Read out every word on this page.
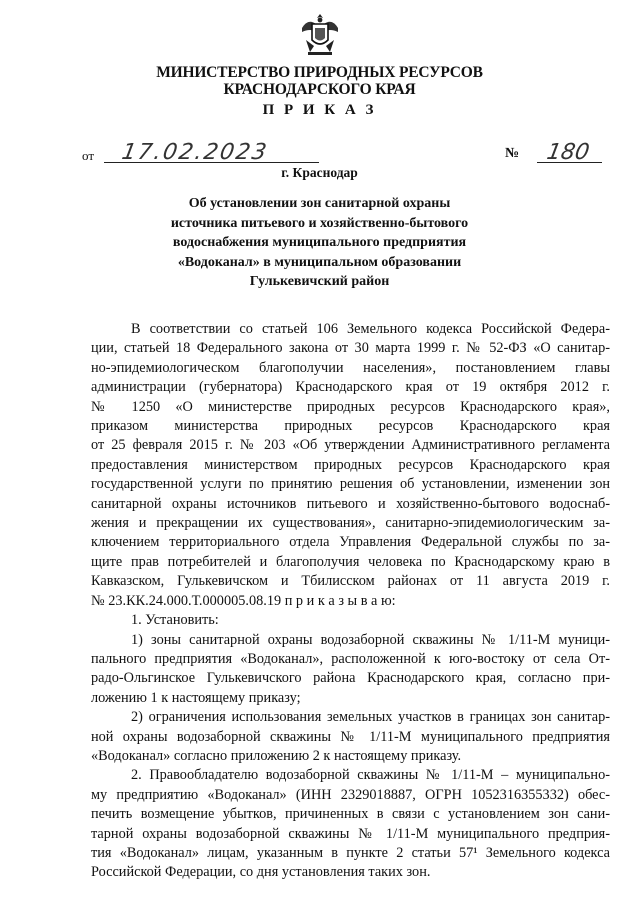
МИНИСТЕРСТВО ПРИРОДНЫХ РЕСУРСОВ
КРАСНОДАРСКОГО КРАЯ
П Р И К А З
от 17.02.2023	№ 180
г. Краснодар
Об установлении зон санитарной охраны
источника питьевого и хозяйственно-бытового
водоснабжения муниципального предприятия
«Водоканал» в муниципальном образовании
Гулькевичский район
В соответствии со статьей 106 Земельного кодекса Российской Федера-
ции, статьей 18 Федерального закона от 30 марта 1999 г. № 52-ФЗ «О санитар-
но-эпидемиологическом благополучии населения», постановлением главы
администрации (губернатора) Краснодарского края от 19 октября 2012 г.
№ 1250 «О министерстве природных ресурсов Краснодарского края»,
приказом министерства природных ресурсов Краснодарского края
от 25 февраля 2015 г. № 203 «Об утверждении Административного регламента
предоставления министерством природных ресурсов Краснодарского края
государственной услуги по принятию решения об установлении, изменении зон
санитарной охраны источников питьевого и хозяйственно-бытового водоснаб-
жения и прекращении их существования», санитарно-эпидемиологическим за-
ключением территориального отдела Управления Федеральной службы по за-
щите прав потребителей и благополучия человека по Краснодарскому краю в
Кавказском, Гулькевичском и Тбилисском районах от 11 августа 2019 г.
№ 23.КК.24.000.Т.000005.08.19 п р и к а з ы в а ю:
1. Установить:
1) зоны санитарной охраны водозаборной скважины № 1/11-М муници-
пального предприятия «Водоканал», расположенной к юго-востоку от села От-
радо-Ольгинское Гулькевичского района Краснодарского края, согласно при-
ложению 1 к настоящему приказу;
2) ограничения использования земельных участков в границах зон санитар-
ной охраны водозаборной скважины № 1/11-М муниципального предприятия
«Водоканал» согласно приложению 2 к настоящему приказу.
2. Правообладателю водозаборной скважины № 1/11-М – муниципально-
му предприятию «Водоканал» (ИНН 2329018887, ОГРН 1052316355332) обес-
печить возмещение убытков, причиненных в связи с установлением зон сани-
тарной охраны водозаборной скважины № 1/11-М муниципального предприя-
тия «Водоканал» лицам, указанным в пункте 2 статьи 57¹ Земельного кодекса
Российской Федерации, со дня установления таких зон.
